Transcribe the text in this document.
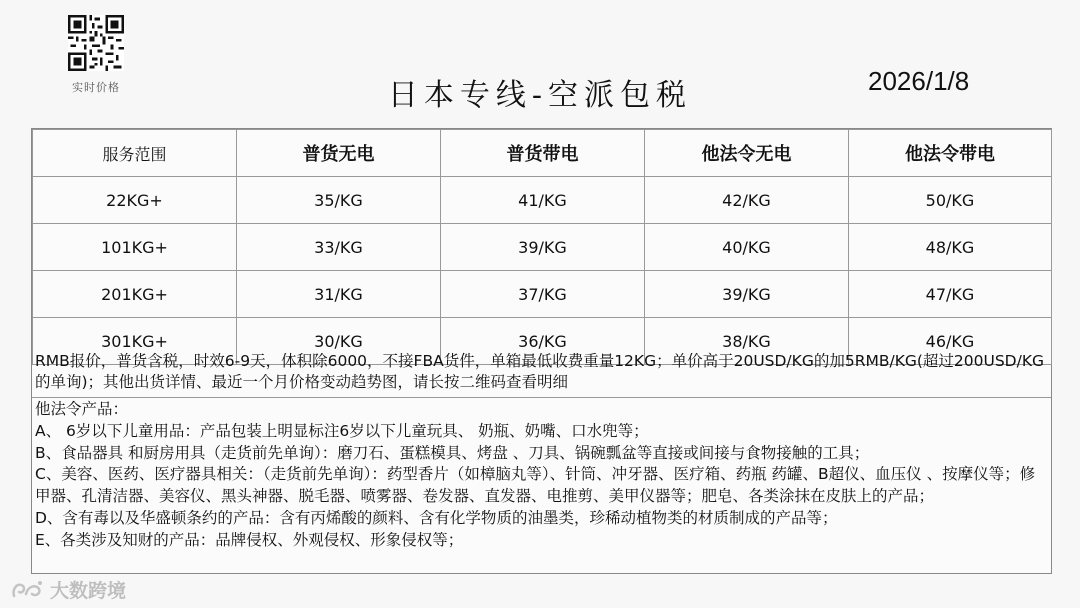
实时价格	日本专线-空派包税	2026/1/8
服务范围	普货无电	普货带电	他法令无电	他法令带电
22KG+	35/KG	41/KG	42/KG	50/KG
101KG+	33/KG	39/KG	40/KG	48/KG
201KG+	31/KG	37/KG	39/KG	47/KG
301KG+	30/KG	36/KG	38/KG	46/KG
RMB报价，普货含税，时效6-9天，体积除6000，不接FBA货件，单箱最低收费重量12KG；单价高于20USD/KG的加5RMB/KG(超过200USD/KG的单询)；其他出货详情、最近一个月价格变动趋势图，请长按二维码查看明细

他法令产品：

A、 6岁以下儿童用品：产品包装上明显标注6岁以下儿童玩具、 奶瓶、奶嘴、口水兜等；

B、食品器具 和厨房用具（走货前先单询）：磨刀石、蛋糕模具、烤盘 、刀具、锅碗瓢盆等直接或间接与食物接触的工具；

C、美容、医药、医疗器具相关：（走货前先单询）：药型香片（如樟脑丸等）、针筒、冲牙器、医疗箱、药瓶 药罐、B超仪、血压仪 、按摩仪等；修甲器、孔清洁器、美容仪、黑头神器、脱毛器、喷雾器、卷发器、直发器、电推剪、美甲仪器等；肥皂、各类涂抹在皮肤上的产品；

D、含有毒以及华盛顿条约的产品：含有丙烯酸的颜料、含有化学物质的油墨类，珍稀动植物类的材质制成的产品等；

E、各类涉及知财的产品：品牌侵权、外观侵权、形象侵权等；

大数跨境
